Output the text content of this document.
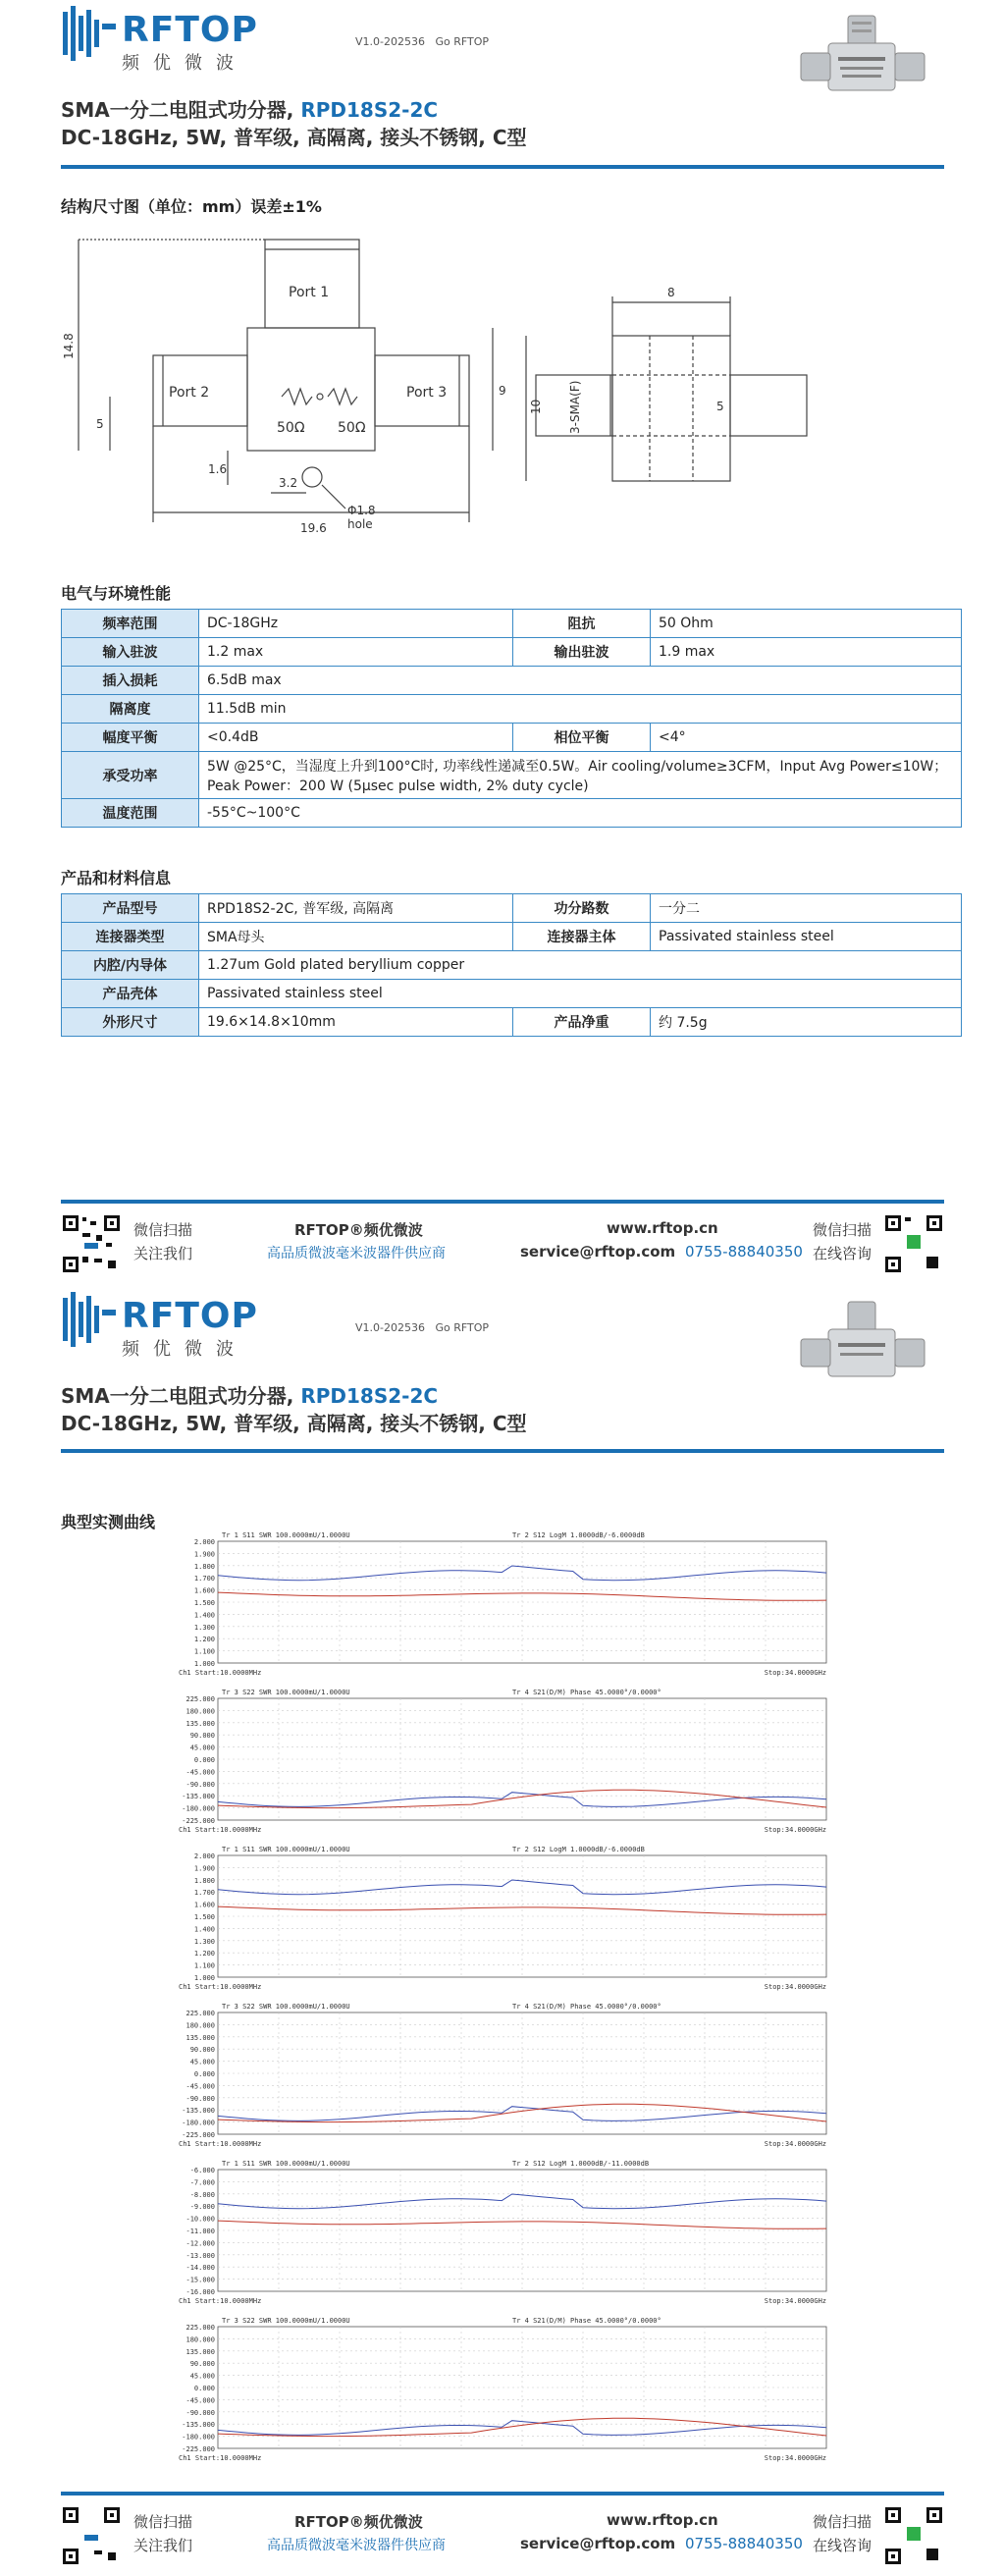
RFTOP
频优微波
V1.0-202536 Go RFTOP
SMA一分二电阻式功分器, RPD18S2-2C
DC-18GHz, 5W, 普军级, 高隔离, 接头不锈钢, C型
结构尺寸图（单位：mm）误差±1%
Port 1
Port 2	Port 3
50Ω 50Ω
14.8
5
1.6
3.2
19.6
9
Φ1.8
hole
8
10	5
3-SMA(F)
电气与环境性能
频率范围	DC-18GHz	阻抗	50 Ohm
输入驻波	1.2 max	输出驻波	1.9 max
插入损耗	6.5dB max		
隔离度	11.5dB min		
幅度平衡	<0.4dB	相位平衡	<4°
承受功率	5W @25°C，当湿度上升到100°C时, 功率线性递减至0.5W。Air cooling/volume≥3CFM，Input Avg Power≤10W；Peak Power：200 W (5μsec pulse width, 2% duty cycle)		
温度范围	-55°C~100°C		
产品和材料信息
产品型号	RPD18S2-2C, 普军级, 高隔离	功分路数	一分二
连接器类型	SMA母头	连接器主体	Passivated stainless steel
内腔/内导体	1.27um Gold plated beryllium copper		
产品壳体	Passivated stainless steel		
外形尺寸	19.6×14.8×10mm	产品净重	约 7.5g
微信扫描
关注我们
RFTOP®频优微波
高品质微波毫米波器件供应商
www.rftop.cn
service@rftop.com 0755-88840350
微信扫描
在线咨询
RFTOP
频优微波
V1.0-202536 Go RFTOP
SMA一分二电阻式功分器, RPD18S2-2C
DC-18GHz, 5W, 普军级, 高隔离, 接头不锈钢, C型
典型实测曲线
Tr 1 S11 SWR 100.0000mU/1.0000U	Tr 2 S12 LogM 1.0000dB/-6.0000dB
2.000
1.900
1.800
1.700
1.600
1.500
1.400
1.300
1.200
1.100
1.000
Ch1 Start:10.0000MHz	Stop:34.0000GHz
Tr 3 S22 SWR 100.0000mU/1.0000U	Tr 4 S21(D/M) Phase 45.0000°/0.0000°
225.000
180.000
135.000
90.000
45.000
0.000
-45.000
-90.000
-135.000
-180.000
-225.000
Ch1 Start:10.0000MHz	Stop:34.0000GHz
Tr 1 S11 SWR 100.0000mU/1.0000U	Tr 2 S12 LogM 1.0000dB/-6.0000dB
2.000
1.900
1.800
1.700
1.600
1.500
1.400
1.300
1.200
1.100
1.000
Ch1 Start:10.0000MHz	Stop:34.0000GHz
Tr 3 S22 SWR 100.0000mU/1.0000U	Tr 4 S21(D/M) Phase 45.0000°/0.0000°
225.000
180.000
135.000
90.000
45.000
0.000
-45.000
-90.000
-135.000
-180.000
-225.000
Ch1 Start:10.0000MHz	Stop:34.0000GHz
Tr 1 S11 SWR 100.0000mU/1.0000U	Tr 2 S12 LogM 1.0000dB/-11.0000dB
-6.000
-7.000
-8.000
-9.000
-10.000
-11.000
-12.000
-13.000
-14.000
-15.000
-16.000
Ch1 Start:10.0000MHz	Stop:34.0000GHz
Tr 3 S22 SWR 100.0000mU/1.0000U	Tr 4 S21(D/M) Phase 45.0000°/0.0000°
225.000
180.000
135.000
90.000
45.000
0.000
-45.000
-90.000
-135.000
-180.000
-225.000
Ch1 Start:10.0000MHz	Stop:34.0000GHz
微信扫描
关注我们
RFTOP®频优微波
高品质微波毫米波器件供应商
www.rftop.cn
service@rftop.com 0755-88840350
微信扫描
在线咨询
